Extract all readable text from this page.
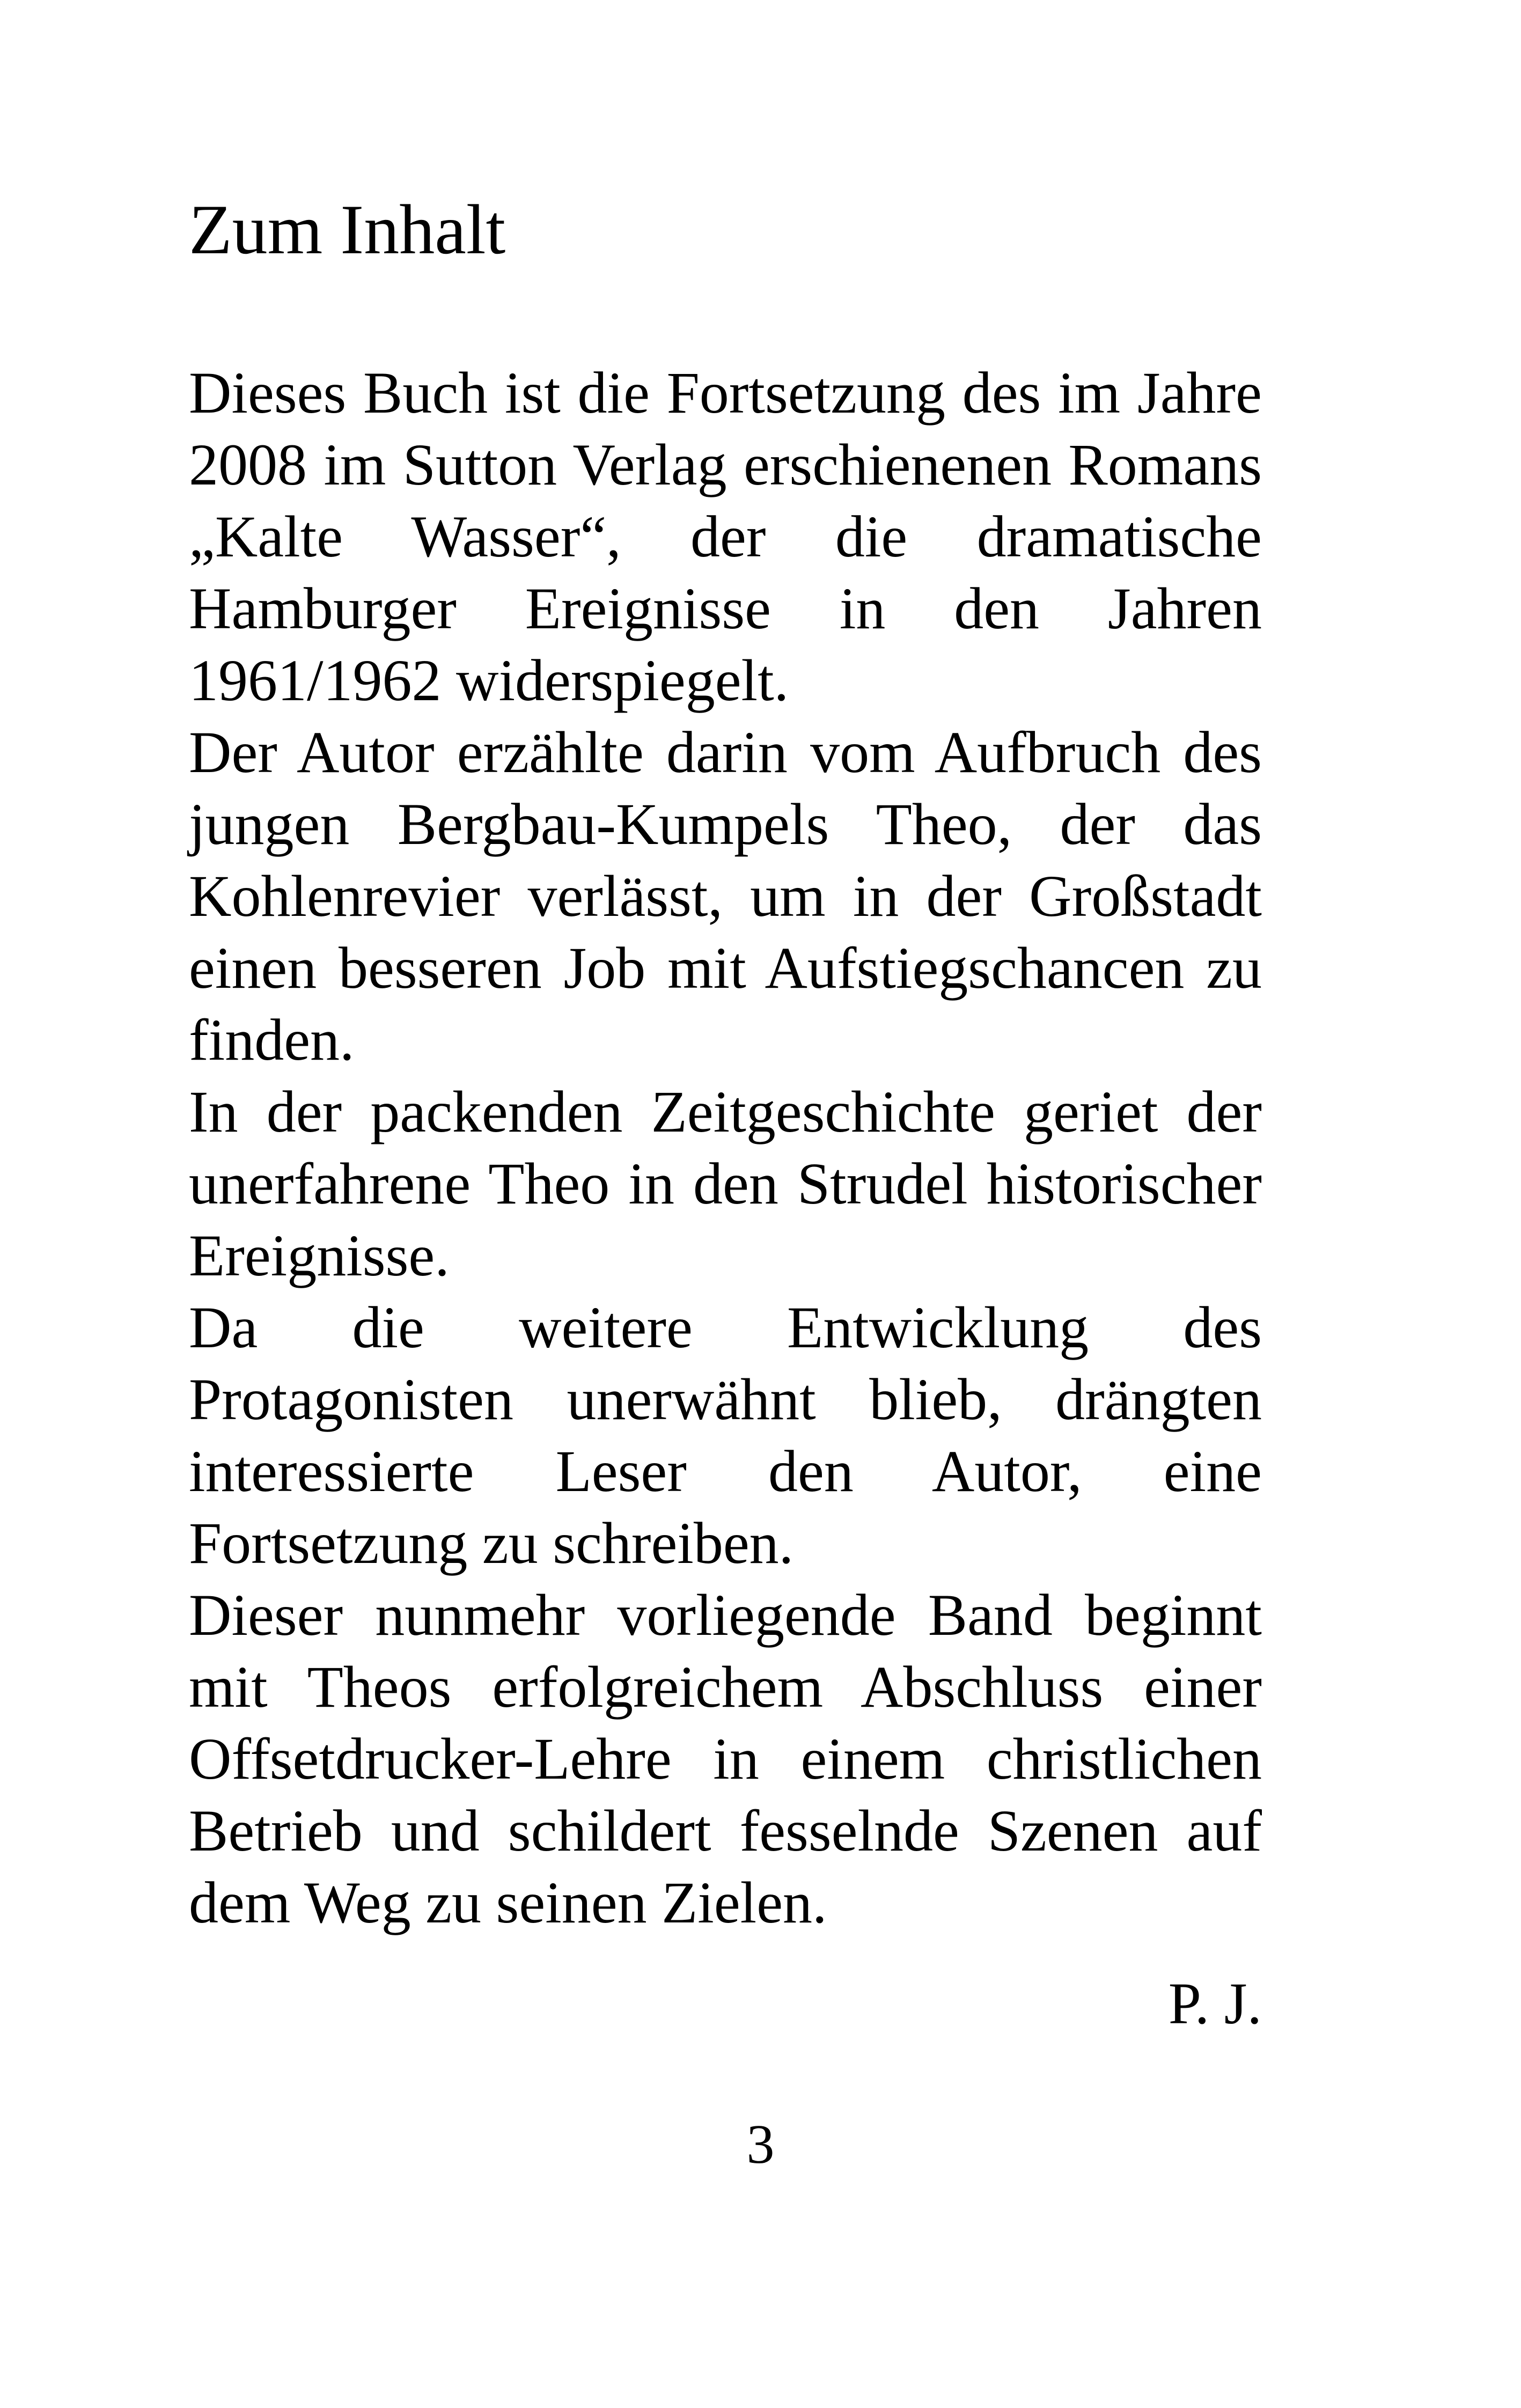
Zum Inhalt

Dieses Buch ist die Fortsetzung des im Jahre 2008 im Sutton Verlag erschienenen Romans „Kalte Wasser“, der die dramatische Hamburger Ereignisse in den Jahren 1961/1962 widerspiegelt.

Der Autor erzählte darin vom Aufbruch des jungen Bergbau-Kumpels Theo, der das Kohlenrevier verlässt, um in der Großstadt einen besseren Job mit Aufstiegschancen zu finden.

In der packenden Zeitgeschichte geriet der unerfahrene Theo in den Strudel historischer Ereignisse.

Da die weitere Entwicklung des Protagonisten unerwähnt blieb, drängten interessierte Leser den Autor, eine Fortsetzung zu schreiben.

Dieser nunmehr vorliegende Band beginnt mit Theos erfolgreichem Abschluss einer Offsetdrucker-Lehre in einem christlichen Betrieb und schildert fesselnde Szenen auf dem Weg zu seinen Zielen.

P. J.
3
